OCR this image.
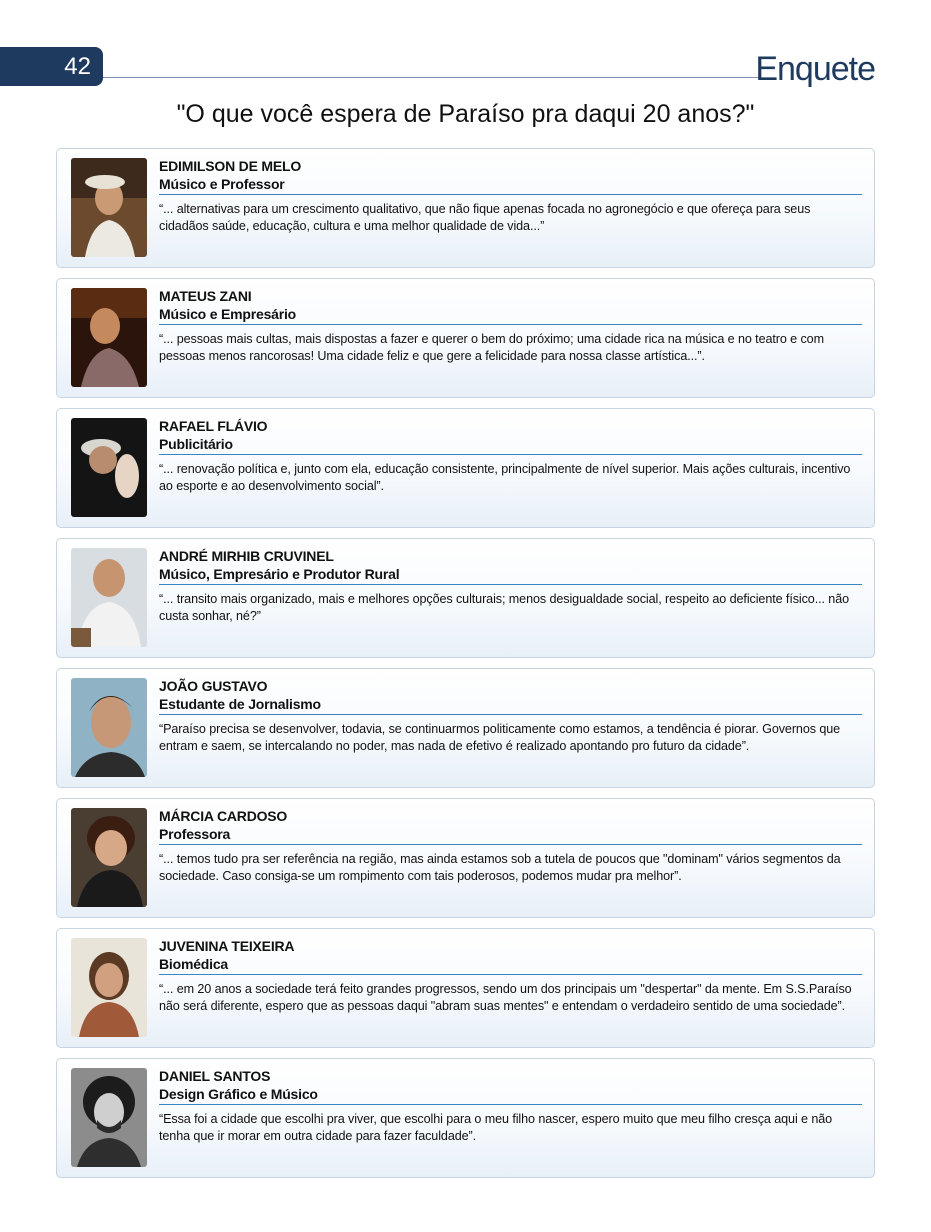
42	Enquete
"O que você espera de Paraíso pra daqui 20 anos?"
EDIMILSON DE MELO
Músico e Professor
“... alternativas para um crescimento qualitativo, que não fique apenas focada no agronegócio e que ofereça para seus cidadãos saúde, educação, cultura e uma melhor qualidade de vida...”
MATEUS ZANI
Músico e Empresário
“... pessoas mais cultas, mais dispostas a fazer e querer o bem do próximo; uma cidade rica na música e no teatro e com pessoas menos rancorosas! Uma cidade feliz e que gere a felicidade para nossa classe artística...”.
RAFAEL FLÁVIO
Publicitário
“... renovação política e, junto com ela, educação consistente, principalmente de nível superior. Mais ações culturais, incentivo ao esporte e ao desenvolvimento social”.
ANDRÉ MIRHIB CRUVINEL
Músico, Empresário e Produtor Rural
“... transito mais organizado, mais e melhores opções culturais; menos desigualdade social, respeito ao deficiente físico... não custa sonhar, né?”
JOÃO GUSTAVO
Estudante de Jornalismo
“Paraíso precisa se desenvolver, todavia, se continuarmos politicamente como estamos, a tendência é piorar. Governos que entram e saem, se intercalando no poder, mas nada de efetivo é realizado apontando pro futuro da cidade”.
MÁRCIA CARDOSO
Professora
“... temos tudo pra ser referência na região, mas ainda estamos sob a tutela de poucos que "dominam" vários segmentos da sociedade. Caso consiga-se um rompimento com tais poderosos, podemos mudar pra melhor”.
JUVENINA TEIXEIRA
Biomédica
“... em 20 anos a sociedade terá feito grandes progressos, sendo um dos principais um "despertar" da mente. Em S.S.Paraíso não será diferente, espero que as pessoas daqui "abram suas mentes" e entendam o verdadeiro sentido de uma sociedade”.
DANIEL SANTOS
Design Gráfico e Músico
“Essa foi a cidade que escolhi pra viver, que escolhi para o meu filho nascer, espero muito que meu filho cresça aqui e não tenha que ir morar em outra cidade para fazer faculdade”.
